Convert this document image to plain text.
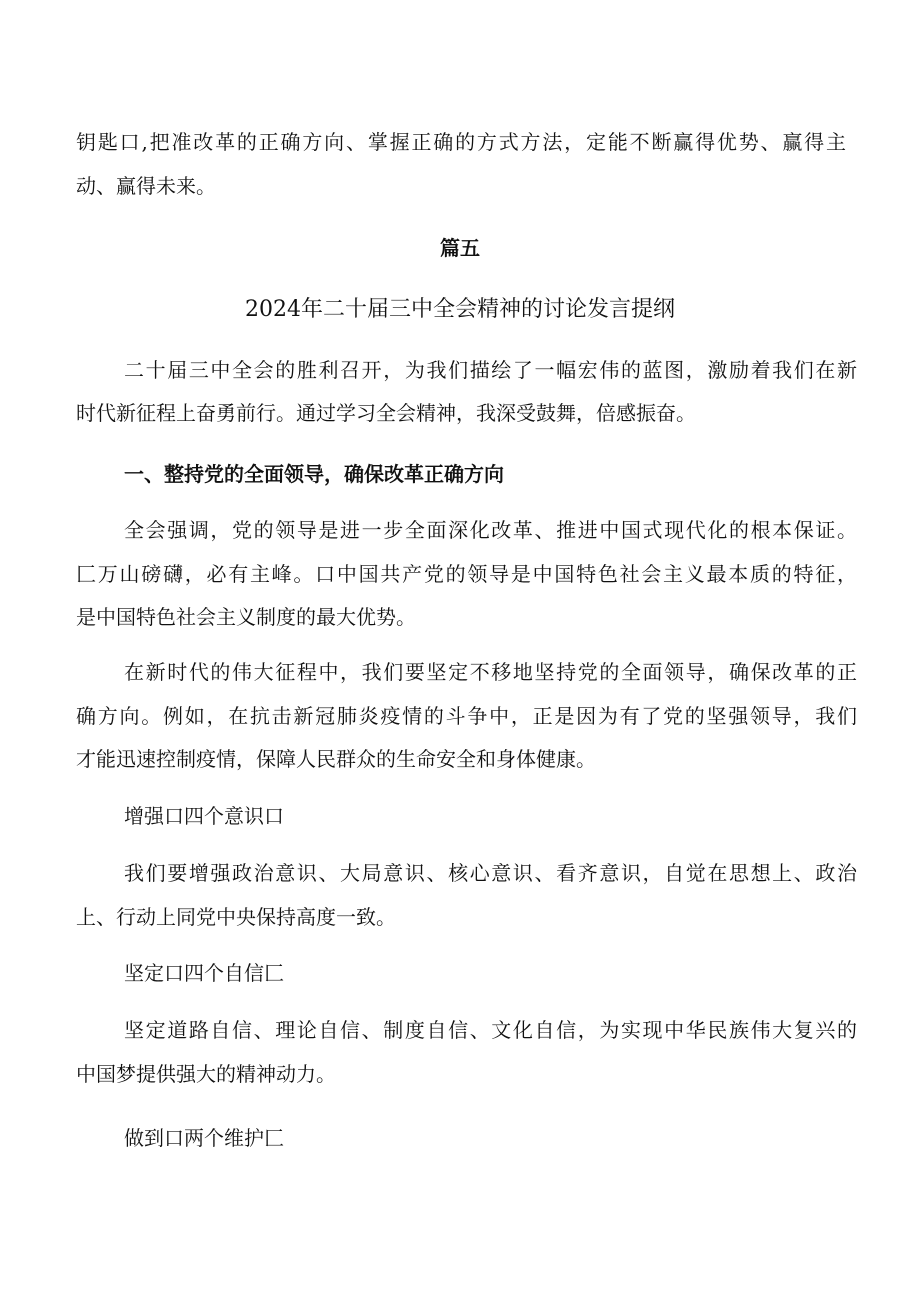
钥匙口,把准改革的正确方向、掌握正确的方式方法，定能不断赢得优势、赢得主
动、赢得未来。
篇五
2024年二十届三中全会精神的讨论发言提纲
二十届三中全会的胜利召开，为我们描绘了一幅宏伟的蓝图，激励着我们在新
时代新征程上奋勇前行。通过学习全会精神，我深受鼓舞，倍感振奋。
一、整持党的全面领导，确保改革正确方向
全会强调，党的领导是进一步全面深化改革、推进中国式现代化的根本保证。
匚万山磅礴，必有主峰。口中国共产党的领导是中国特色社会主义最本质的特征，
是中国特色社会主义制度的最大优势。
在新时代的伟大征程中，我们要坚定不移地坚持党的全面领导，确保改革的正
确方向。例如，在抗击新冠肺炎疫情的斗争中，正是因为有了党的坚强领导，我们
才能迅速控制疫情，保障人民群众的生命安全和身体健康。
增强口四个意识口
我们要增强政治意识、大局意识、核心意识、看齐意识，自觉在思想上、政治
上、行动上同党中央保持高度一致。
坚定口四个自信匚
坚定道路自信、理论自信、制度自信、文化自信，为实现中华民族伟大复兴的
中国梦提供强大的精神动力。
做到口两个维护匚
